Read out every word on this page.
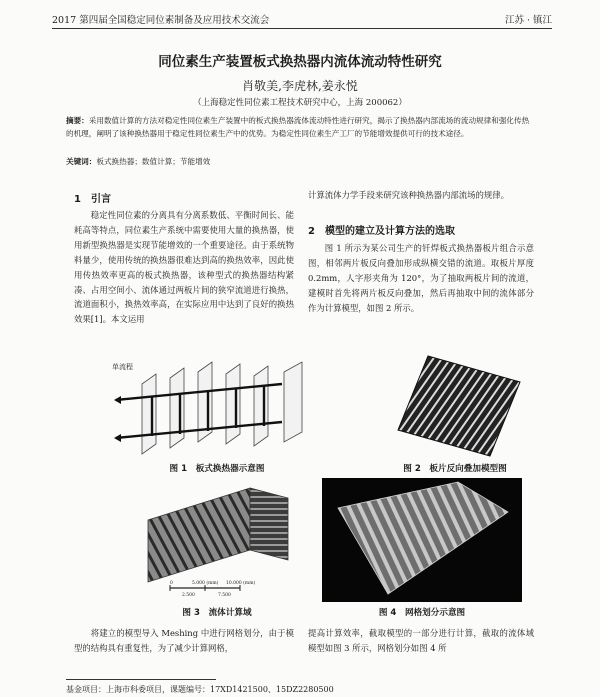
2017 第四届全国稳定同位素制备及应用技术交流会	江苏 · 镇江
同位素生产装置板式换热器内流体流动特性研究
肖敬美,李虎林,姜永悦
（上海稳定性同位素工程技术研究中心，上海 200062）
摘要：采用数值计算的方法对稳定性同位素生产装置中的板式换热器流体流动特性进行研究，揭示了换热器内部流场的流动规律和强化传热的机理，阐明了该种换热器用于稳定性同位素生产中的优势。为稳定性同位素生产工厂的节能增效提供可行的技术途径。
关键词：板式换热器；数值计算；节能增效
1　引言

稳定性同位素的分离具有分离系数低、平衡时间长、能耗高等特点，同位素生产系统中需要使用大量的换热器，使用新型换热器是实现节能增效的一个重要途径。由于系统物料量少，使用传统的换热器很难达到高的换热效率，因此使用传热效率更高的板式换热器，该种型式的换热器结构紧凑、占用空间小、流体通过两板片间的狭窄流道进行换热，流道面积小，换热效率高，在实际应用中达到了良好的换热效果[1]。本文运用

计算流体力学手段来研究该种换热器内部流场的规律。

2　模型的建立及计算方法的选取

图 1 所示为某公司生产的钎焊板式换热器板片组合示意图，相邻两片板反向叠加形成纵横交错的流道。取板片厚度 0.2mm，人字形夹角为 120°，为了抽取两板片间的流道，建模时首先将两片板反向叠加，然后再抽取中间的流体部分作为计算模型，如图 2 所示。

单流程
图 1　板式换热器示意图	图 2　板片反向叠加模型图
0	5.000 (mm) 10.000 (mm)
2.500	7.500
图 3　流体计算域	图 4　网格划分示意图

将建立的模型导入 Meshing 中进行网格划分，由于模型的结构具有重复性，为了减少计算网格，

提高计算效率，截取模型的一部分进行计算，截取的流体域模型如图 3 所示，网格划分如图 4 所

基金项目：上海市科委项目，课题编号：17XD1421500、15DZ2280500
